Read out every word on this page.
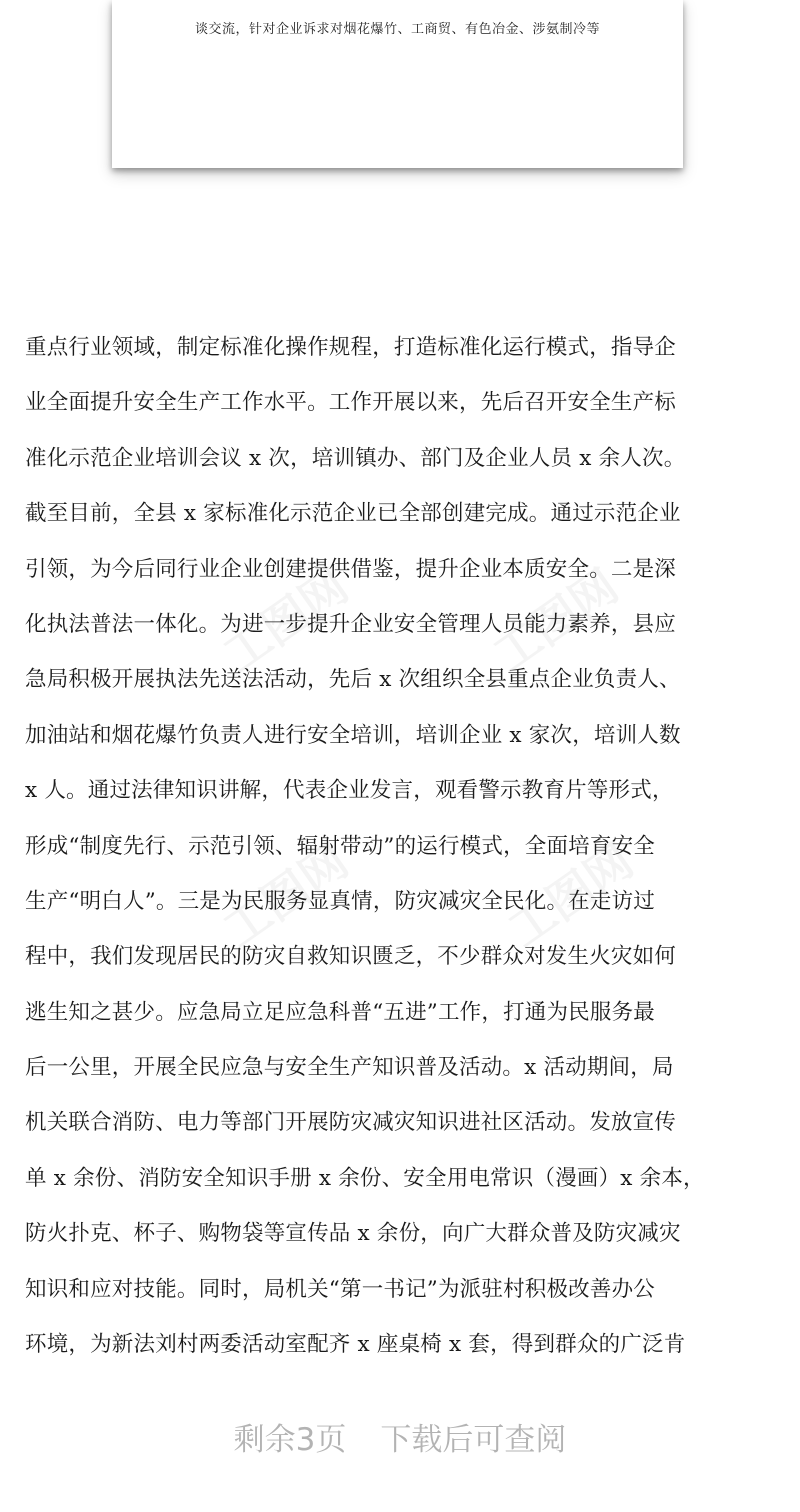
谈交流，针对企业诉求对烟花爆竹、工商贸、有色冶金、涉氨制冷等
工图网	工图网
工图网	工图网
重点行业领域，制定标准化操作规程，打造标准化运行模式，指导企
业全面提升安全生产工作水平。工作开展以来，先后召开安全生产标
准化示范企业培训会议 x 次，培训镇办、部门及企业人员 x 余人次。
截至目前，全县 x 家标准化示范企业已全部创建完成。通过示范企业
引领，为今后同行业企业创建提供借鉴，提升企业本质安全。二是深
化执法普法一体化。为进一步提升企业安全管理人员能力素养，县应
急局积极开展执法先送法活动，先后 x 次组织全县重点企业负责人、
加油站和烟花爆竹负责人进行安全培训，培训企业 x 家次，培训人数
x 人。通过法律知识讲解，代表企业发言，观看警示教育片等形式，
形成“制度先行、示范引领、辐射带动”的运行模式，全面培育安全
生产“明白人”。三是为民服务显真情，防灾减灾全民化。在走访过
程中，我们发现居民的防灾自救知识匮乏，不少群众对发生火灾如何
逃生知之甚少。应急局立足应急科普“五进”工作，打通为民服务最
后一公里，开展全民应急与安全生产知识普及活动。x 活动期间，局
机关联合消防、电力等部门开展防灾减灾知识进社区活动。发放宣传
单 x 余份、消防安全知识手册 x 余份、安全用电常识（漫画）x 余本，
防火扑克、杯子、购物袋等宣传品 x 余份，向广大群众普及防灾减灾
知识和应对技能。同时，局机关“第一书记”为派驻村积极改善办公
环境，为新法刘村两委活动室配齐 x 座桌椅 x 套，得到群众的广泛肯
剩余3页 下载后可查阅
